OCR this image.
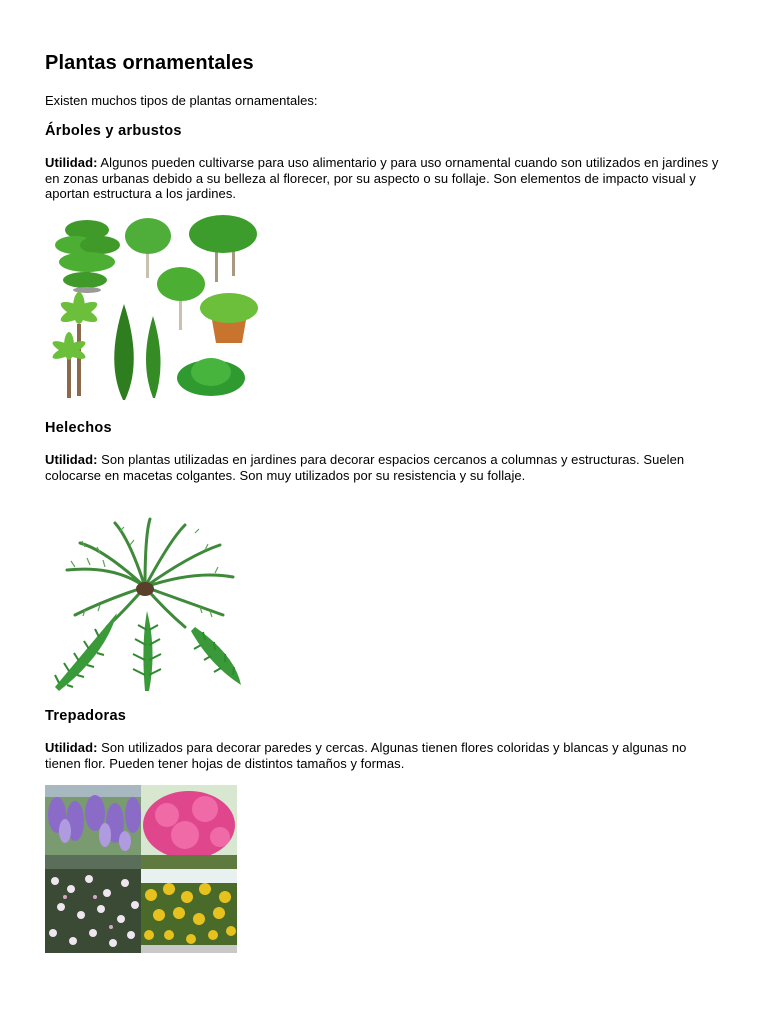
Plantas ornamentales

Existen muchos tipos de plantas ornamentales:

Árboles y arbustos

Utilidad: Algunos pueden cultivarse para uso alimentario y para uso ornamental cuando son utilizados en jardines y en zonas urbanas debido a su belleza al florecer, por su aspecto o su follaje. Son elementos de impacto visual y aportan estructura a los jardines.

Helechos

Utilidad: Son plantas utilizadas en jardines para decorar espacios cercanos a columnas y estructuras. Suelen colocarse en macetas colgantes. Son muy utilizados por su resistencia y su follaje.

Trepadoras

Utilidad: Son utilizados para decorar paredes y cercas. Algunas tienen flores coloridas y blancas y algunas no tienen flor. Pueden tener hojas de distintos tamaños y formas.
